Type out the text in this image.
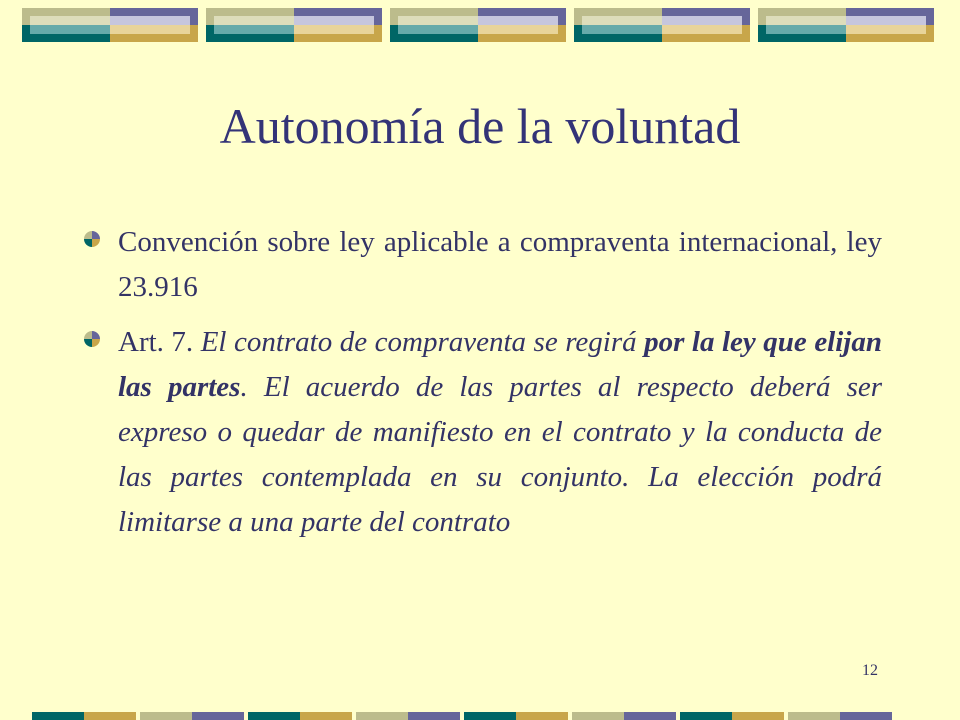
Autonomía de la voluntad
Convención sobre ley aplicable a compraventa internacional, ley 23.916
Art. 7. El contrato de compraventa se regirá por la ley que elijan las partes. El acuerdo de las partes al respecto deberá ser expreso o quedar de manifiesto en el contrato y la conducta de las partes contemplada en su conjunto. La elección podrá limitarse a una parte del contrato
12
